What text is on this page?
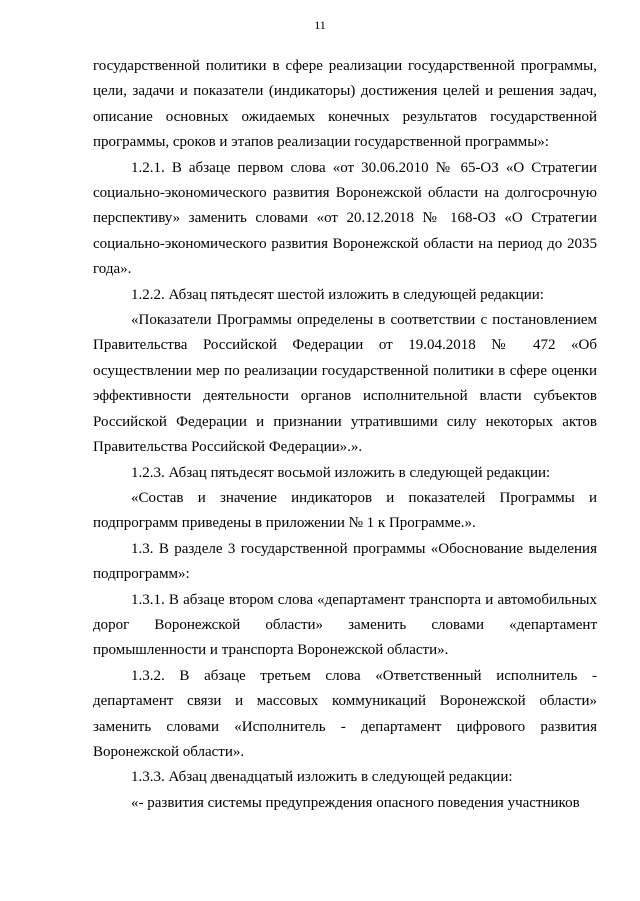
11

государственной политики в сфере реализации государственной программы, цели, задачи и показатели (индикаторы) достижения целей и решения задач, описание основных ожидаемых конечных результатов государственной программы, сроков и этапов реализации государственной программы»:

1.2.1. В абзаце первом слова «от 30.06.2010 № 65-ОЗ «О Стратегии социально-экономического развития Воронежской области на долгосрочную перспективу» заменить словами «от 20.12.2018 № 168-ОЗ «О Стратегии социально-экономического развития Воронежской области на период до 2035 года».

1.2.2. Абзац пятьдесят шестой изложить в следующей редакции:

«Показатели Программы определены в соответствии с постановлением Правительства Российской Федерации от 19.04.2018 № 472 «Об осуществлении мер по реализации государственной политики в сфере оценки эффективности деятельности органов исполнительной власти субъектов Российской Федерации и признании утратившими силу некоторых актов Правительства Российской Федерации».».

1.2.3. Абзац пятьдесят восьмой изложить в следующей редакции:

«Состав и значение индикаторов и показателей Программы и подпрограмм приведены в приложении № 1 к Программе.».

1.3. В разделе 3 государственной программы «Обоснование выделения подпрограмм»:

1.3.1. В абзаце втором слова «департамент транспорта и автомобильных дорог Воронежской области» заменить словами «департамент промышленности и транспорта Воронежской области».

1.3.2. В абзаце третьем слова «Ответственный исполнитель - департамент связи и массовых коммуникаций Воронежской области» заменить словами «Исполнитель - департамент цифрового развития Воронежской области».

1.3.3. Абзац двенадцатый изложить в следующей редакции:

«- развития системы предупреждения опасного поведения участников
